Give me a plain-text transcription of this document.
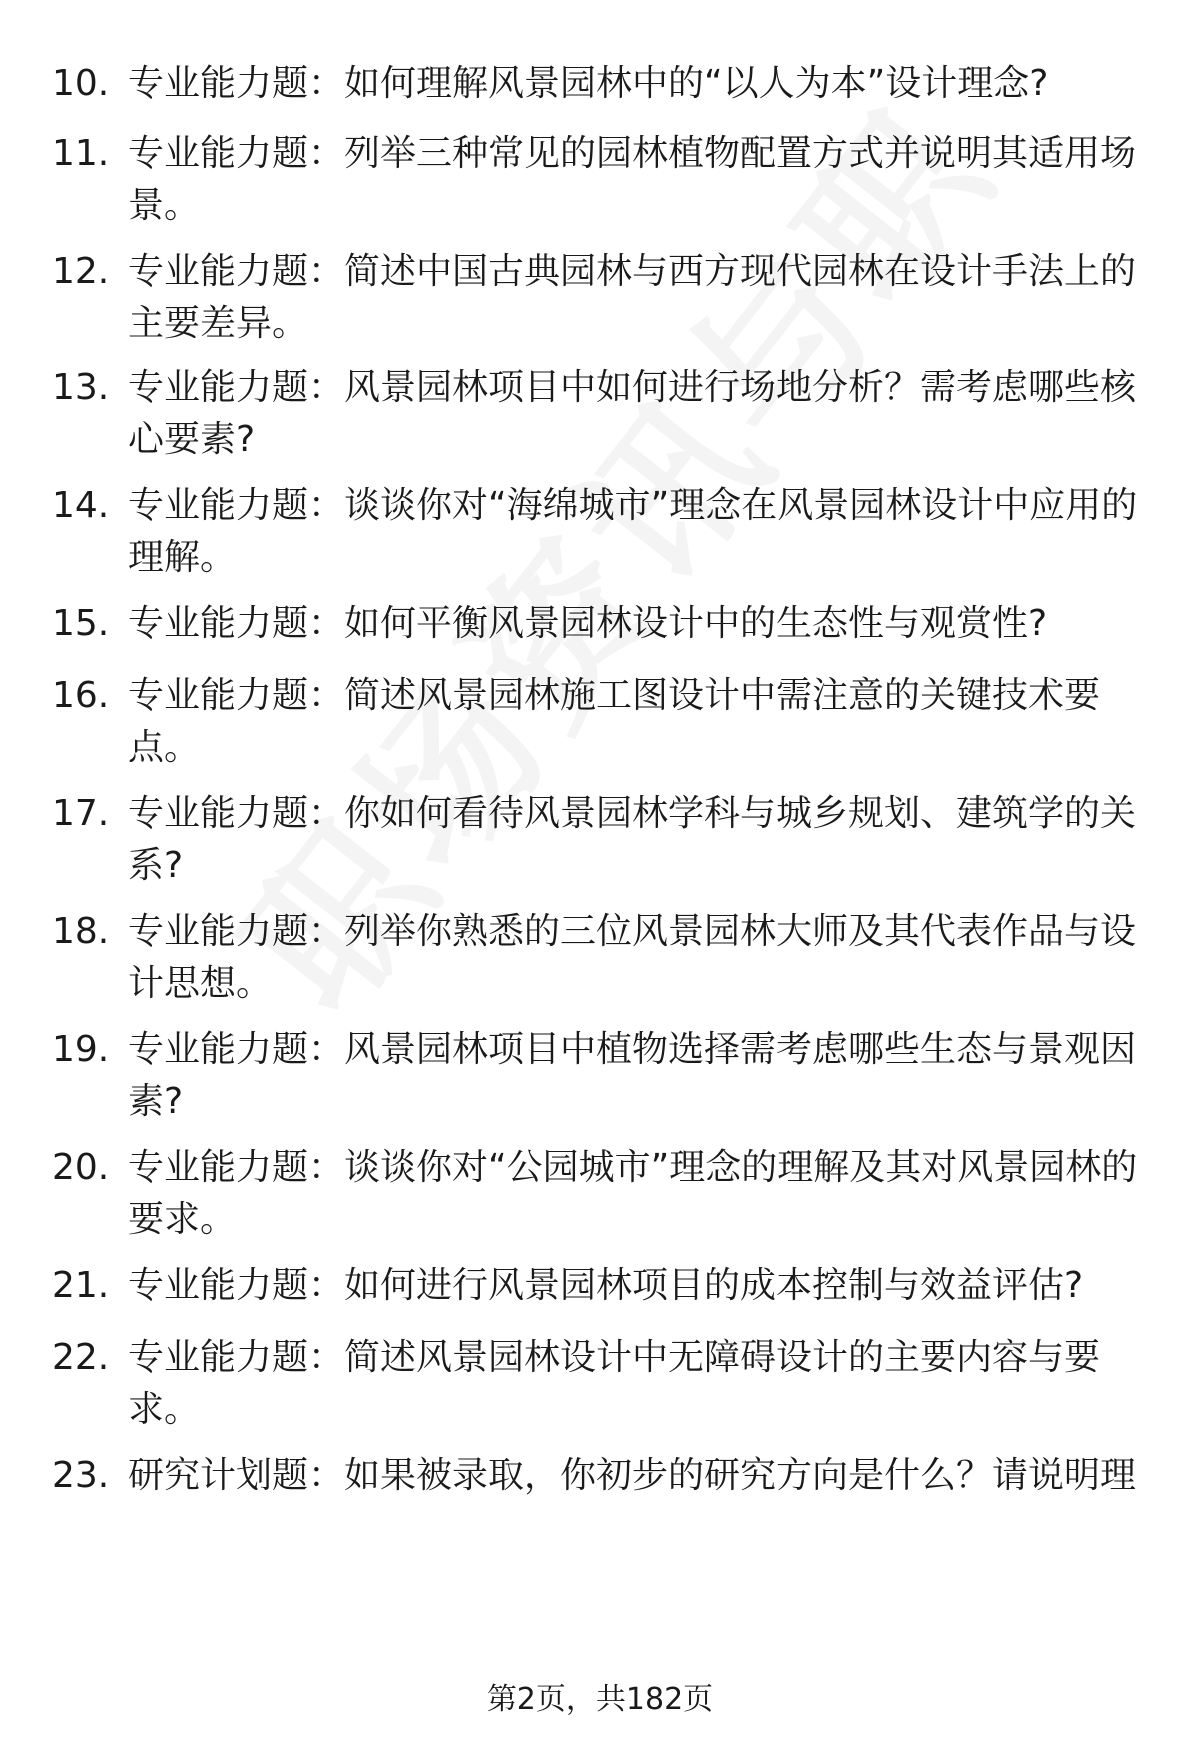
10. 专业能力题： 如何理解风景园林中的“以人为本”设计理念?
11. 专业能力题： 列举三种常见的园林植物配置方式并说明其适用场景。
12. 专业能力题： 简述中国古典园林与西方现代园林在设计手法上的主要差异。
13. 专业能力题： 风景园林项目中如何进行场地分析？需考虑哪些核心要素?
14. 专业能力题： 谈谈你对“海绵城市”理念在风景园林设计中应用的理解。
15. 专业能力题： 如何平衡风景园林设计中的生态性与观赏性?
16. 专业能力题： 简述风景园林施工图设计中需注意的关键技术要点。
17. 专业能力题： 你如何看待风景园林学科与城乡规划、建筑学的关系?
18. 专业能力题： 列举你熟悉的三位风景园林大师及其代表作品与设计思想。
19. 专业能力题： 风景园林项目中植物选择需考虑哪些生态与景观因素?
20. 专业能力题： 谈谈你对“公园城市”理念的理解及其对风景园林的要求。
21. 专业能力题： 如何进行风景园林项目的成本控制与效益评估?
22. 专业能力题： 简述风景园林设计中无障碍设计的主要内容与要求。
23. 研究计划题： 如果被录取，你初步的研究方向是什么？请说明理
第2页，共182页
